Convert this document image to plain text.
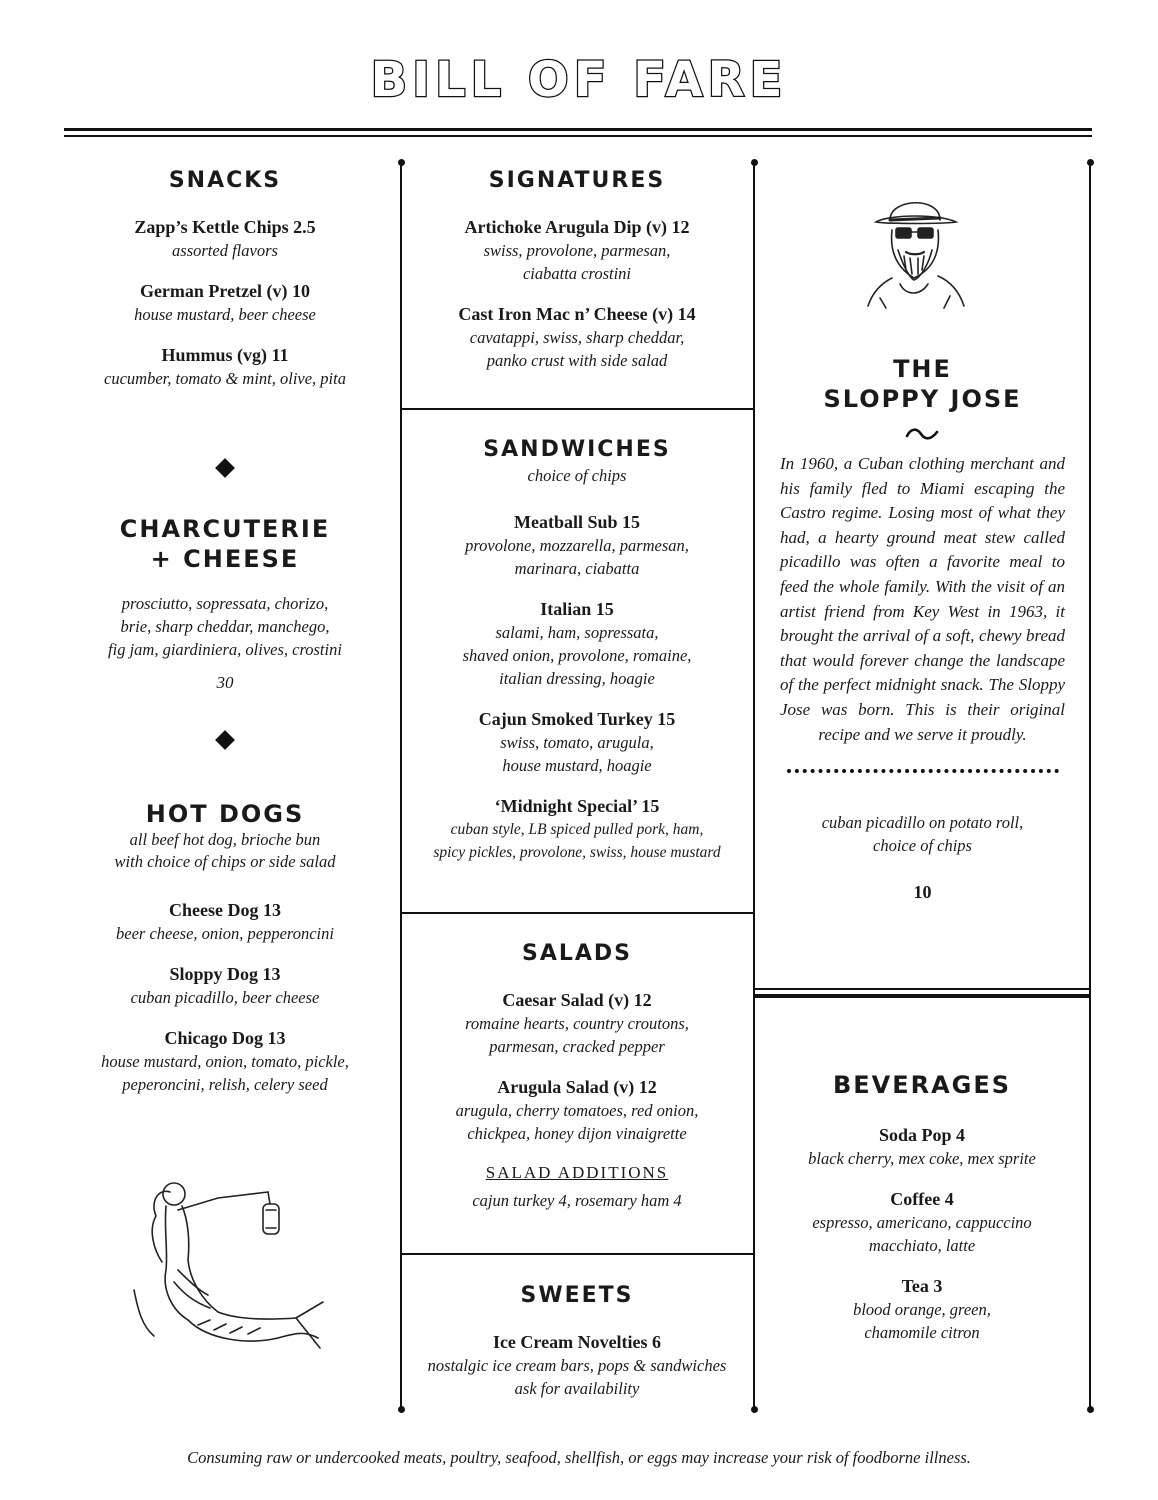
BILL OF FARE
SNACKS
Zapp’s Kettle Chips 2.5
assorted flavors
German Pretzel (v) 10
house mustard, beer cheese
Hummus (vg) 11
cucumber, tomato & mint, olive, pita
CHARCUTERIE
+ CHEESE
prosciutto, sopressata, chorizo,
brie, sharp cheddar, manchego,
fig jam, giardiniera, olives, crostini
30
HOT DOGS
all beef hot dog, brioche bun
with choice of chips or side salad
Cheese Dog 13
beer cheese, onion, pepperoncini
Sloppy Dog 13
cuban picadillo, beer cheese
Chicago Dog 13
house mustard, onion, tomato, pickle,
peperoncini, relish, celery seed
SIGNATURES
Artichoke Arugula Dip (v) 12
swiss, provolone, parmesan,
ciabatta crostini
Cast Iron Mac n’ Cheese (v) 14
cavatappi, swiss, sharp cheddar,
panko crust with side salad
SANDWICHES
choice of chips
Meatball Sub 15
provolone, mozzarella, parmesan,
marinara, ciabatta
Italian 15
salami, ham, sopressata,
shaved onion, provolone, romaine,
italian dressing, hoagie
Cajun Smoked Turkey 15
swiss, tomato, arugula,
house mustard, hoagie
‘Midnight Special’ 15
cuban style, LB spiced pulled pork, ham,
spicy pickles, provolone, swiss, house mustard
SALADS
Caesar Salad (v) 12
romaine hearts, country croutons,
parmesan, cracked pepper
Arugula Salad (v) 12
arugula, cherry tomatoes, red onion,
chickpea, honey dijon vinaigrette
SALAD ADDITIONS
cajun turkey 4, rosemary ham 4
SWEETS
Ice Cream Novelties 6
nostalgic ice cream bars, pops & sandwiches
ask for availability
THE
SLOPPY JOSE
In 1960, a Cuban clothing merchant and his family fled to Miami escaping the Castro regime. Losing most of what they had, a hearty ground meat stew called picadillo was often a favorite meal to feed the whole family. With the visit of an artist friend from Key West in 1963, it brought the arrival of a soft, chewy bread that would forever change the landscape of the perfect midnight snack. The Sloppy Jose was born. This is their original recipe and we serve it proudly.
cuban picadillo on potato roll,
choice of chips
10
BEVERAGES
Soda Pop 4
black cherry, mex coke, mex sprite
Coffee 4
espresso, americano, cappuccino
macchiato, latte
Tea 3
blood orange, green,
chamomile citron
Consuming raw or undercooked meats, poultry, seafood, shellfish, or eggs may increase your risk of foodborne illness.
